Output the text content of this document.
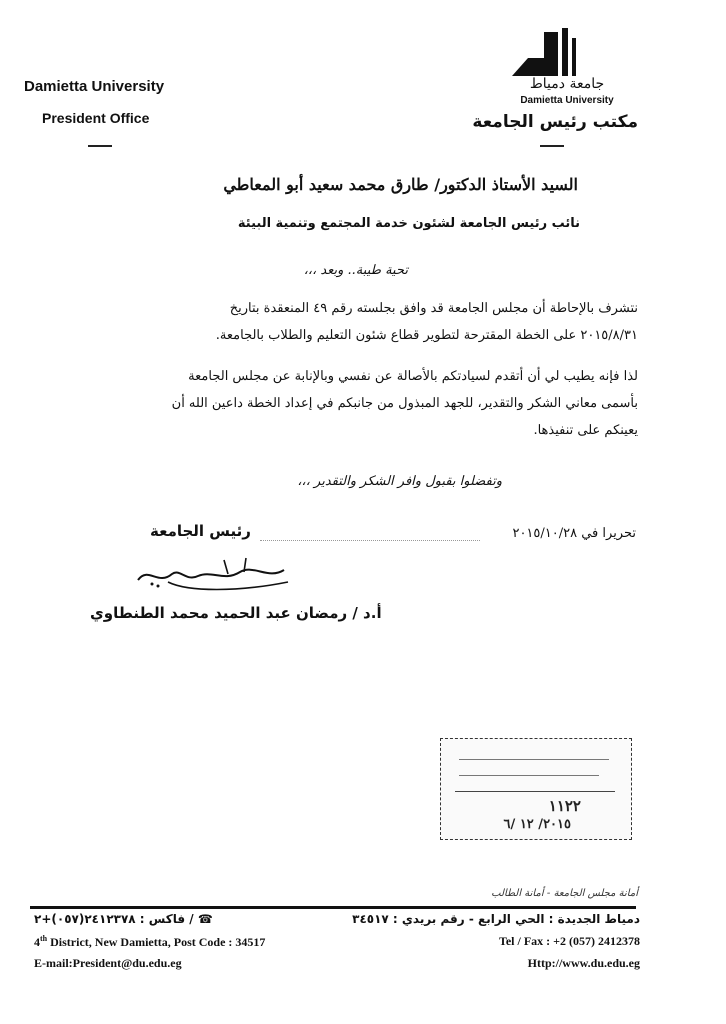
Damietta University
President Office
جامعة دمياط
Damietta University
مكتب رئيس الجامعة
السيد الأستاذ الدكتور/ طارق محمد سعيد أبو المعاطي
نائب رئيس الجامعة لشئون خدمة المجتمع وتنمية البيئة
تحية طيبة.. وبعد ،،،
نتشرف بالإحاطة أن مجلس الجامعة قد وافق بجلسته رقم ٤٩ المنعقدة بتاريخ
٢٠١٥/٨/٣١ على الخطة المقترحة لتطوير قطاع شئون التعليم والطلاب بالجامعة.
لذا فإنه يطيب لي أن أتقدم لسيادتكم بالأصالة عن نفسي وبالإنابة عن مجلس الجامعة
بأسمى معاني الشكر والتقدير، للجهد المبذول من جانبكم في إعداد الخطة داعين الله أن
يعينكم على تنفيذها.
وتفضلوا بقبول وافر الشكر والتقدير ،،،
تحريرا في ٢٠١٥/١٠/٢٨
رئيس الجامعة
أ.د / رمضان عبد الحميد محمد الطنطاوي
١١٢٢
٢٠١٥/ ١٢ /٦
أمانة مجلس الجامعة - أمانة الطالب
☎ / فاكس : ٢٤١٢٣٧٨(٠٥٧)+٢	دمياط الجديدة : الحي الرابع - رقم بريدي : ٣٤٥١٧
4th District, New Damietta, Post Code : 34517	Tel / Fax : +2 (057) 2412378
E-mail:President@du.edu.eg	Http://www.du.edu.eg
